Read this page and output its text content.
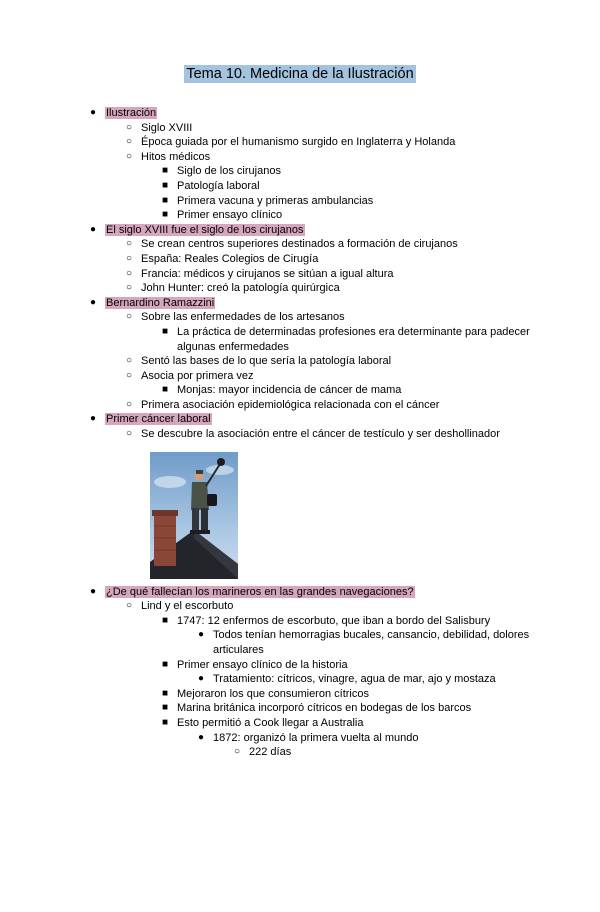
Tema 10. Medicina de la Ilustración
● Ilustración
○ Siglo XVIII
○ Época guiada por el humanismo surgido en Inglaterra y Holanda
○ Hitos médicos
■ Siglo de los cirujanos
■ Patología laboral
■ Primera vacuna y primeras ambulancias
■ Primer ensayo clínico
● El siglo XVIII fue el siglo de los cirujanos
○ Se crean centros superiores destinados a formación de cirujanos
○ España: Reales Colegios de Cirugía
○ Francia: médicos y cirujanos se sitúan a igual altura
○ John Hunter: creó la patología quirúrgica
● Bernardino Ramazzini
○ Sobre las enfermedades de los artesanos
■ La práctica de determinadas profesiones era determinante para padecer algunas enfermedades
○ Sentó las bases de lo que sería la patología laboral
○ Asocia por primera vez
■ Monjas: mayor incidencia de cáncer de mama
○ Primera asociación epidemiológica relacionada con el cáncer
● Primer cáncer laboral
○ Se descubre la asociación entre el cáncer de testículo y ser deshollinador
● ¿De qué fallecían los marineros en las grandes navegaciones?
○ Lind y el escorbuto
■ 1747: 12 enfermos de escorbuto, que iban a bordo del Salisbury
● Todos tenían hemorragias bucales, cansancio, debilidad, dolores articulares
■ Primer ensayo clínico de la historia
● Tratamiento: cítricos, vinagre, agua de mar, ajo y mostaza
■ Mejoraron los que consumieron cítricos
■ Marina británica incorporó cítricos en bodegas de los barcos
■ Esto permitió a Cook llegar a Australia
● 1872: organizó la primera vuelta al mundo
○ 222 días
